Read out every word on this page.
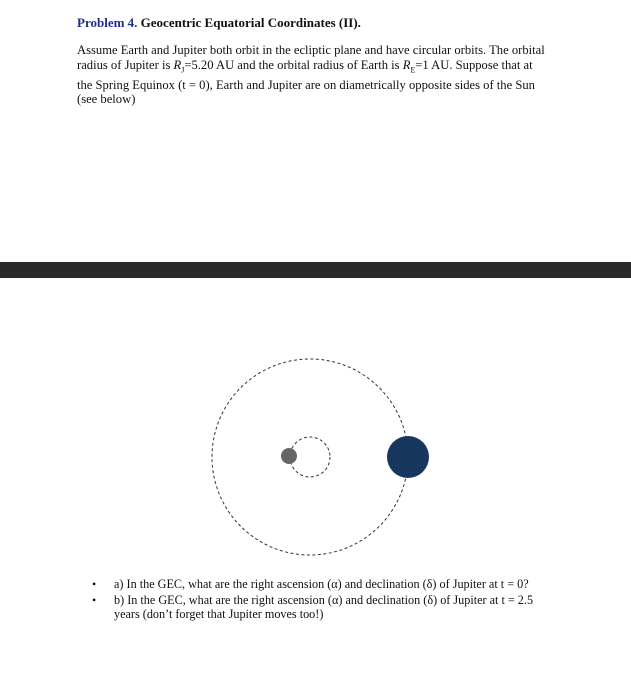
Problem 4. Geocentric Equatorial Coordinates (II).
Assume Earth and Jupiter both orbit in the ecliptic plane and have circular orbits. The orbital
radius of Jupiter is $R_J=5.20$ AU and the orbital radius of Earth is $R_E=1$ AU. Suppose that at
the Spring Equinox (t = 0), Earth and Jupiter are on diametrically opposite sides of the Sun
(see below)
• a) In the GEC, what are the right ascension (α) and declination (δ) of Jupiter at t = 0?
• b) In the GEC, what are the right ascension (α) and declination (δ) of Jupiter at t = 2.5
years (don’t forget that Jupiter moves too!)
